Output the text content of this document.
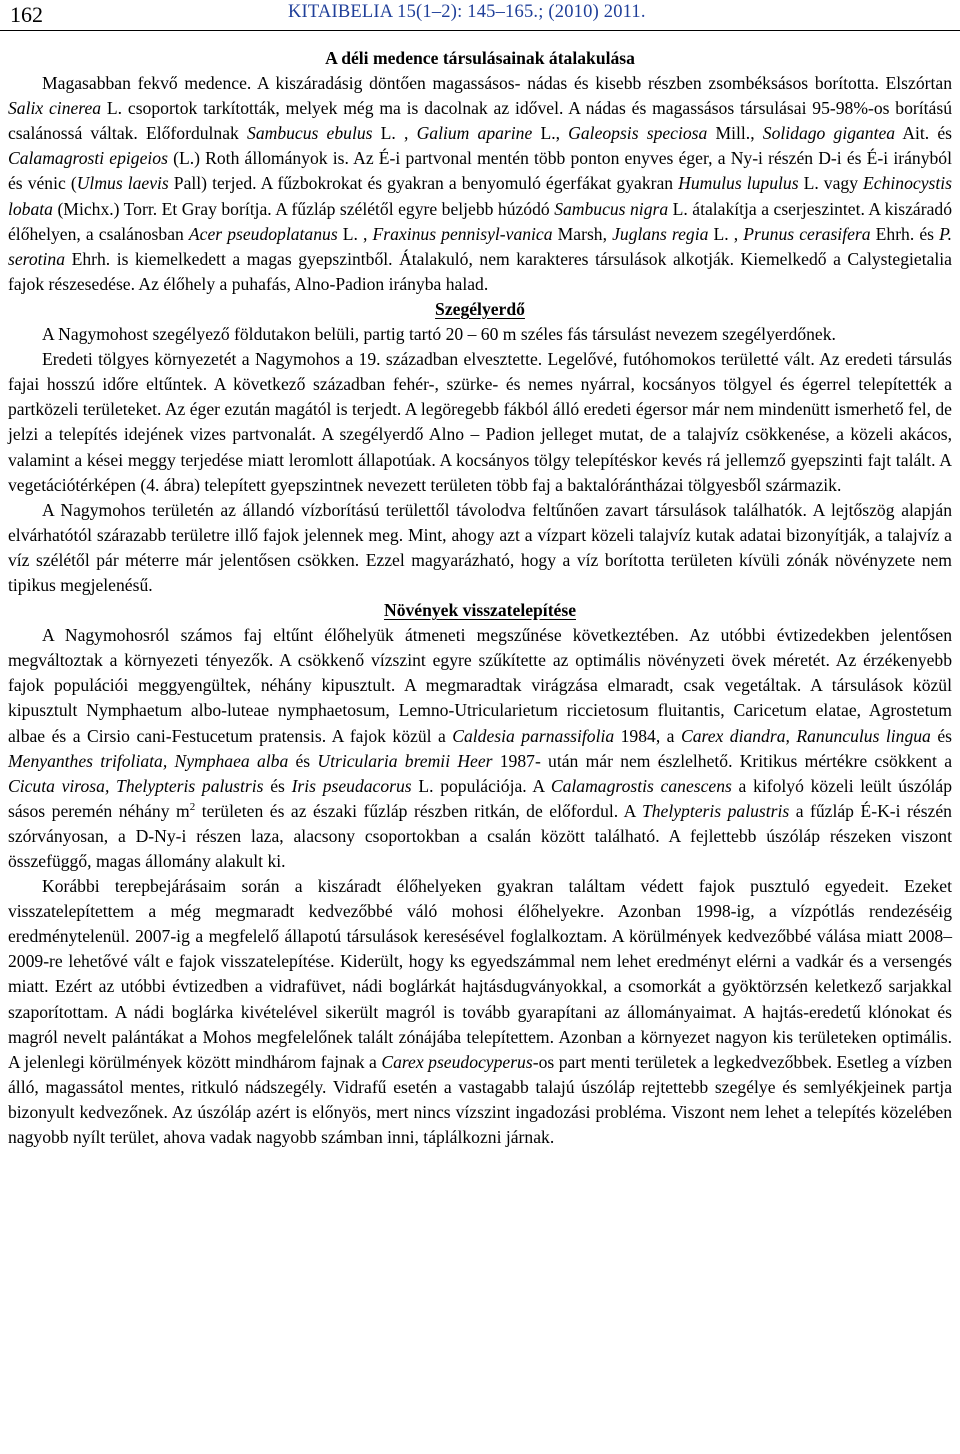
162	KITAIBELIA 15(1–2): 145–165.; (2010) 2011.

A déli medence társulásainak átalakulása

Magasabban fekvő medence. A kiszáradásig döntően magassásos- nádas és kisebb részben zsombéksásos borította. Elszórtan Salix cinerea L. csoportok tarkították, melyek még ma is dacolnak az idővel. A nádas és magassásos társulásai 95-98%-os borítású csalánossá váltak. Előfordulnak Sambucus ebulus L. , Galium aparine L., Galeopsis speciosa Mill., Solidago gigantea Ait. és Calamagrosti epigeios (L.) Roth állományok is. Az É-i partvonal mentén több ponton enyves éger, a Ny-i részén D-i és É-i irányból és vénic (Ulmus laevis Pall) terjed. A fűzbokrokat és gyakran a benyomuló égerfákat gyakran Humulus lupulus L. vagy Echinocystis lobata (Michx.) Torr. Et Gray borítja. A fűzláp szélétől egyre beljebb húzódó Sambucus nigra L. átalakítja a cserjeszintet. A kiszáradó élőhelyen, a csalánosban Acer pseudoplatanus L. , Fraxinus pennisyl-vanica Marsh, Juglans regia L. , Prunus cerasifera Ehrh. és P. serotina Ehrh. is kiemelkedett a magas gyepszintből. Átalakuló, nem karakteres társulások alkotják. Kiemelkedő a Calystegietalia fajok részesedése. Az élőhely a puhafás, Alno-Padion irányba halad.

Szegélyerdő

A Nagymohost szegélyező földutakon belüli, partig tartó 20 – 60 m széles fás társulást nevezem szegélyerdőnek.

Eredeti tölgyes környezetét a Nagymohos a 19. században elvesztette. Legelővé, futóhomokos területté vált. Az eredeti társulás fajai hosszú időre eltűntek. A következő században fehér-, szürke- és nemes nyárral, kocsányos tölgyel és égerrel telepítették a partközeli területeket. Az éger ezután magától is terjedt. A legöregebb fákból álló eredeti égersor már nem mindenütt ismerhető fel, de jelzi a telepítés idejének vizes partvonalát. A szegélyerdő Alno – Padion jelleget mutat, de a talajvíz csökkenése, a közeli akácos, valamint a kései meggy terjedése miatt leromlott állapotúak. A kocsányos tölgy telepítéskor kevés rá jellemző gyepszinti fajt talált. A vegetációtérképen (4. ábra) telepített gyepszintnek nevezett területen több faj a baktalórántházai tölgyesből származik.

A Nagymohos területén az állandó vízborítású területtől távolodva feltűnően zavart társulások találhatók. A lejtőszög alapján elvárhatótól szárazabb területre illő fajok jelennek meg. Mint, ahogy azt a vízpart közeli talajvíz kutak adatai bizonyítják, a talajvíz a víz szélétől pár méterre már jelentősen csökken. Ezzel magyarázható, hogy a víz borította területen kívüli zónák növényzete nem tipikus megjelenésű.

Növények visszatelepítése

A Nagymohosról számos faj eltűnt élőhelyük átmeneti megszűnése következtében. Az utóbbi évtizedekben jelentősen megváltoztak a környezeti tényezők. A csökkenő vízszint egyre szűkítette az optimális növényzeti övek méretét. Az érzékenyebb fajok populációi meggyengültek, néhány kipusztult. A megmaradtak virágzása elmaradt, csak vegetáltak. A társulások közül kipusztult Nymphaetum albo-luteae nymphaetosum, Lemno-Utricularietum riccietosum fluitantis, Caricetum elatae, Agrostetum albae és a Cirsio cani-Festucetum pratensis. A fajok közül a Caldesia parnassifolia 1984, a Carex diandra, Ranunculus lingua és Menyanthes trifoliata, Nymphaea alba és Utricularia bremii Heer 1987- után már nem észlelhető. Kritikus mértékre csökkent a Cicuta virosa, Thelypteris palustris és Iris pseudacorus L. populációja. A Calamagrostis canescens a kifolyó közeli leült úszóláp sásos peremén néhány $m^2$ területen és az északi fűzláp részben ritkán, de előfordul. A Thelypteris palustris a fűzláp É-K-i részén szórványosan, a D-Ny-i részen laza, alacsony csoportokban a csalán között található. A fejlettebb úszóláp részeken viszont összefüggő, magas állomány alakult ki.

Korábbi terepbejárásaim során a kiszáradt élőhelyeken gyakran találtam védett fajok pusztuló egyedeit. Ezeket visszatelepítettem a még megmaradt kedvezőbbé váló mohosi élőhelyekre. Azonban 1998-ig, a vízpótlás rendezéséig eredménytelenül. 2007-ig a megfelelő állapotú társulások keresésével foglalkoztam. A körülmények kedvezőbbé válása miatt 2008–2009-re lehetővé vált e fajok visszatelepítése. Kiderült, hogy ks egyedszámmal nem lehet eredményt elérni a vadkár és a versengés miatt. Ezért az utóbbi évtizedben a vidrafüvet, nádi boglárkát hajtásdugványokkal, a csomorkát a gyöktörzsén keletkező sarjakkal szaporítottam. A nádi boglárka kivételével sikerült magról is tovább gyarapítani az állományaimat. A hajtás-eredetű klónokat és magról nevelt palántákat a Mohos megfelelőnek talált zónájába telepítettem. Azonban a környezet nagyon kis területeken optimális. A jelenlegi körülmények között mindhárom fajnak a Carex pseudocyperus-os part menti területek a legkedvezőbbek. Esetleg a vízben álló, magassátol mentes, ritkuló nádszegély. Vidrafű esetén a vastagabb talajú úszóláp rejtettebb szegélye és semlyékjeinek partja bizonyult kedvezőnek. Az úszóláp azért is előnyös, mert nincs vízszint ingadozási probléma. Viszont nem lehet a telepítés közelében nagyobb nyílt terület, ahova vadak nagyobb számban inni, táplálkozni járnak.
